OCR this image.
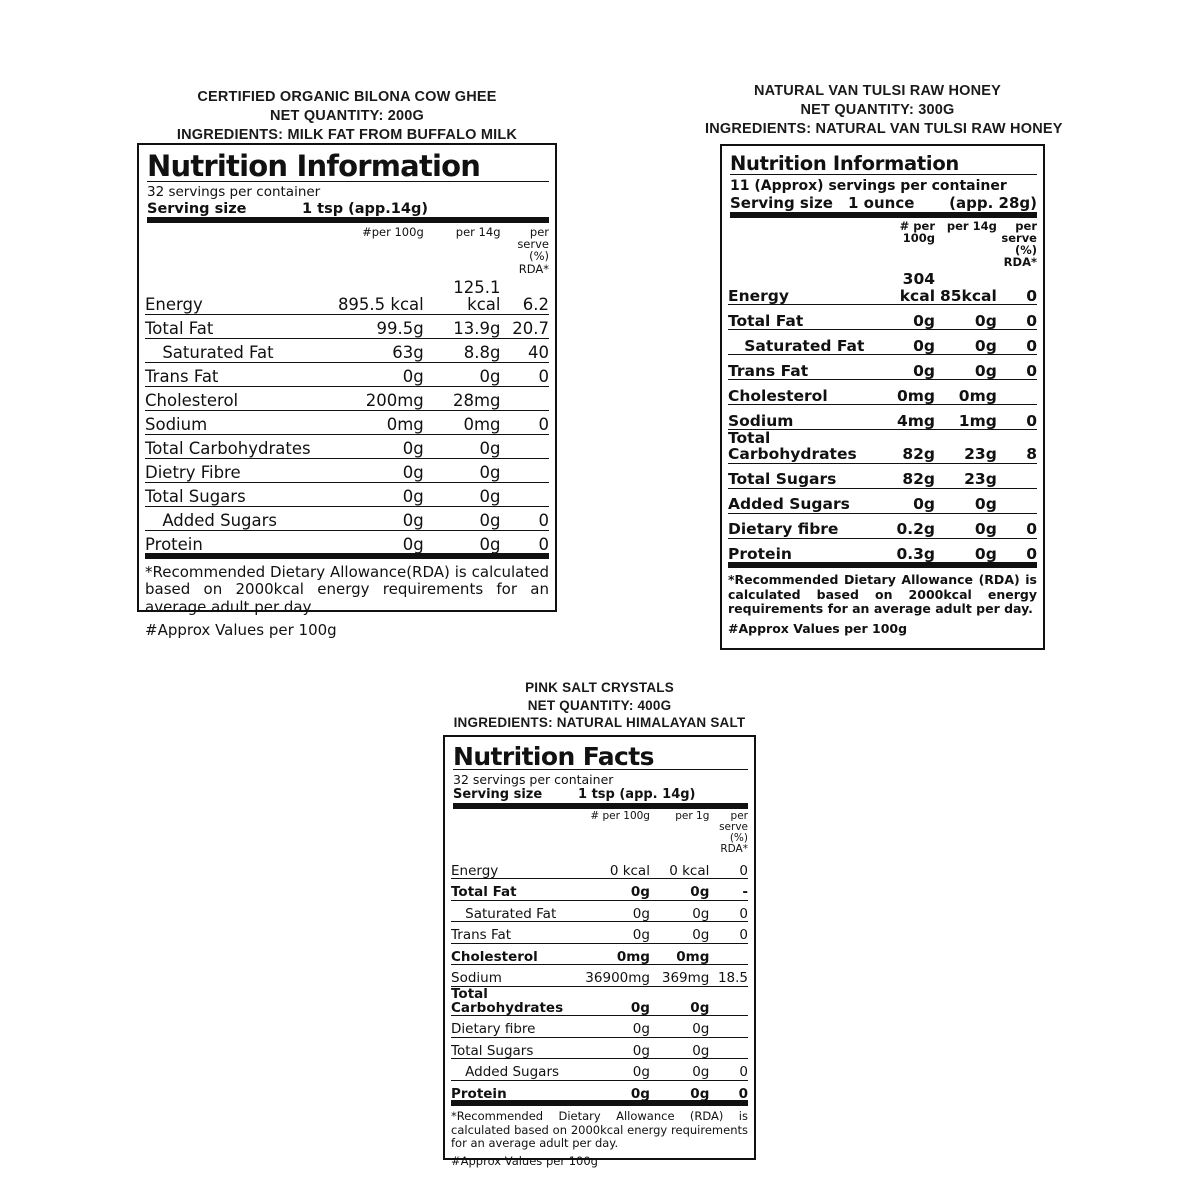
CERTIFIED ORGANIC BILONA COW GHEE
NET QUANTITY: 200G
INGREDIENTS: MILK FAT FROM BUFFALO MILK
Nutrition Information
32 servings per container
Serving size	1 tsp (app.14g)
	#per 100g	per 14g	per serve
(%) RDA*

Energy	895.5 kcal	125.1 kcal	6.2
Total Fat	99.5g	13.9g	20.7
Saturated Fat	63g	8.8g	40
Trans Fat	0g	0g	0
Cholesterol	200mg	28mg	
Sodium	0mg	0mg	0
Total Carbohydrates	0g	0g	
Dietry Fibre	0g	0g	
Total Sugars	0g	0g	
Added Sugars	0g	0g	0
Protein	0g	0g	0
*Recommended Dietary Allowance(RDA) is calculated based on 2000kcal energy requirements for an average adult per day.
#Approx Values per 100g
NATURAL VAN TULSI RAW HONEY
NET QUANTITY: 300G
INGREDIENTS: NATURAL VAN TULSI RAW HONEY
Nutrition Information
11 (Approx) servings per container
Serving size	1 ounce	(app. 28g)
	# per 100g	per 14g	per serve
(%) RDA*

Energy	304 kcal	85kcal	0
Total Fat	0g	0g	0
Saturated Fat	0g	0g	0
Trans Fat	0g	0g	0
Cholesterol	0mg	0mg	
Sodium	4mg	1mg	0
Total Carbohydrates	82g	23g	8
Total Sugars	82g	23g	
Added Sugars	0g	0g	
Dietary fibre	0.2g	0g	0
Protein	0.3g	0g	0
*Recommended Dietary Allowance (RDA) is calculated based on 2000kcal energy requirements for an average adult per day.
#Approx Values per 100g
PINK SALT CRYSTALS
NET QUANTITY: 400G
INGREDIENTS: NATURAL HIMALAYAN SALT
Nutrition Facts
32 servings per container
Serving size	1 tsp (app. 14g)
	# per 100g	per 1g	per serve
(%) RDA*

Energy	0 kcal	0 kcal	0
Total Fat	0g	0g	-
Saturated Fat	0g	0g	0
Trans Fat	0g	0g	0
Cholesterol	0mg	0mg	
Sodium	36900mg	369mg	18.5
Total Carbohydrates	0g	0g	
Dietary fibre	0g	0g	
Total Sugars	0g	0g	
Added Sugars	0g	0g	0
Protein	0g	0g	0
*Recommended Dietary Allowance (RDA) is calculated based on 2000kcal energy requirements for an average adult per day.
#Approx Values per 100g
